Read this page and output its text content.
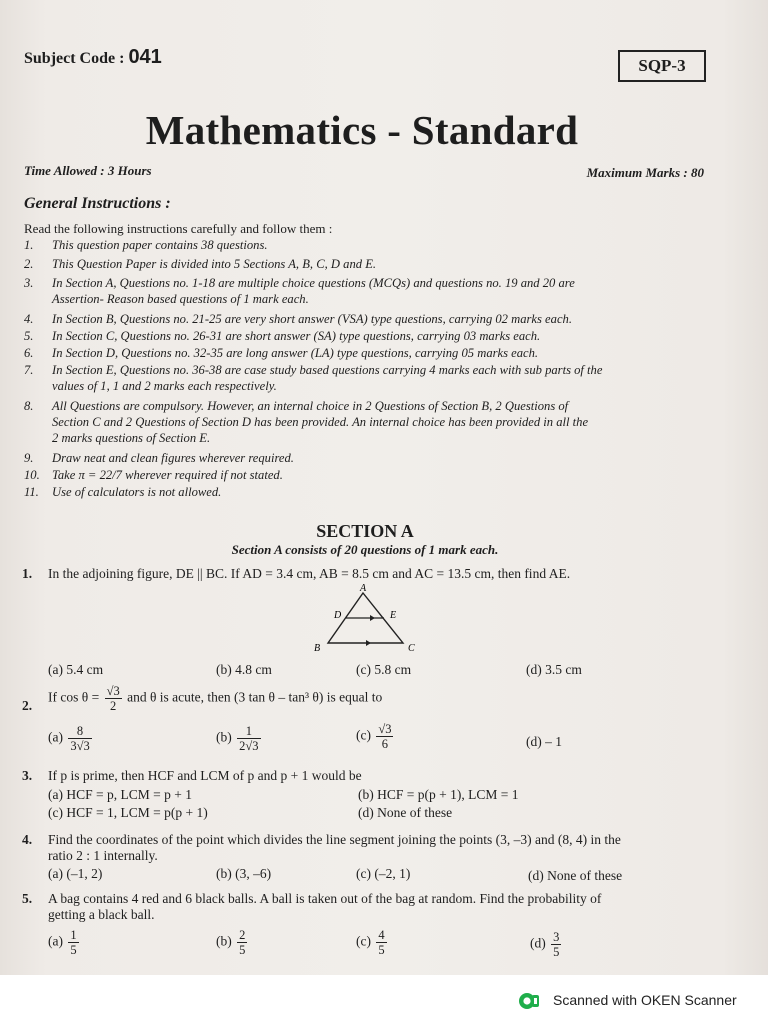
Subject Code : 041	SQP-3
Mathematics - Standard
Time Allowed : 3 Hours	Maximum Marks : 80
General Instructions :
Read the following instructions carefully and follow them :
1.	This question paper contains 38 questions.
2.	This Question Paper is divided into 5 Sections A, B, C, D and E.
3.	In Section A, Questions no. 1-18 are multiple choice questions (MCQs) and questions no. 19 and 20 are
Assertion- Reason based questions of 1 mark each.
4.	In Section B, Questions no. 21-25 are very short answer (VSA) type questions, carrying 02 marks each.
5.	In Section C, Questions no. 26-31 are short answer (SA) type questions, carrying 03 marks each.
6.	In Section D, Questions no. 32-35 are long answer (LA) type questions, carrying 05 marks each.
7.	In Section E, Questions no. 36-38 are case study based questions carrying 4 marks each with sub parts of the
values of 1, 1 and 2 marks each respectively.
8.	All Questions are compulsory. However, an internal choice in 2 Questions of Section B, 2 Questions of
Section C and 2 Questions of Section D has been provided. An internal choice has been provided in all the
2 marks questions of Section E.
9.	Draw neat and clean figures wherever required.
10. Take π = 22/7 wherever required if not stated.
11.	Use of calculators is not allowed.
SECTION A
Section A consists of 20 questions of 1 mark each.
1. In the adjoining figure, DE || BC. If AD = 3.4 cm, AB = 8.5 cm and AC = 13.5 cm, then find AE.
A
B	C
D	E
(a) 5.4 cm	(b) 4.8 cm	(c) 5.8 cm	(d) 3.5 cm
2.
If $\cos \theta = \frac{√3}{2}$ and θ is acute, then (3 tan θ – tan³ θ) is equal to
$(a) \frac{8}{3√3}$	$(b) \frac{1}{2√3}$	$(c) \frac{√3}{6}$	(d) – 1
3. If p is prime, then HCF and LCM of p and p + 1 would be
(a) HCF = p, LCM = p + 1	(b) HCF = p(p + 1), LCM = 1
(c) HCF = 1, LCM = p(p + 1)	(d) None of these
4. Find the coordinates of the point which divides the line segment joining the points (3, –3) and (8, 4) in the
ratio 2 : 1 internally.
(a) (–1, 2)	(b) (3, –6)	(c) (–2, 1)	(d) None of these
5. A bag contains 4 red and 6 black balls. A ball is taken out of the bag at random. Find the probability of
getting a black ball.
$(a) \frac{1}{5}$	$(b) \frac{2}{5}$	$(c) \frac{4}{5}$	$(d) \frac{3}{5}$
Scanned with OKEN Scanner
